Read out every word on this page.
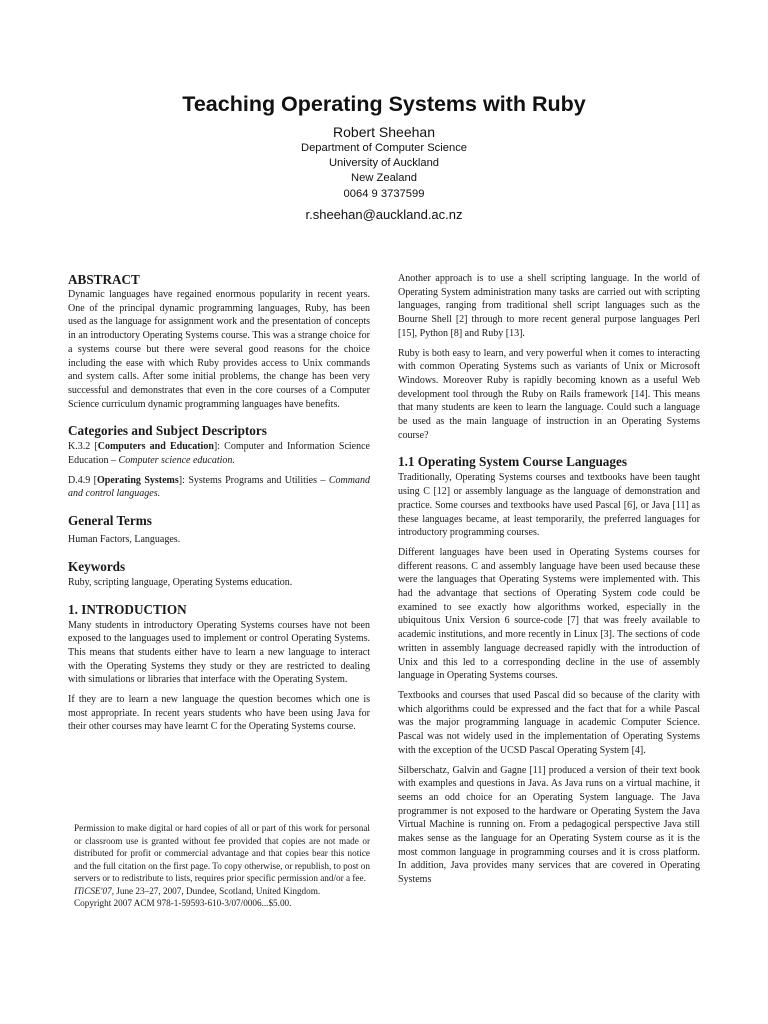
Teaching Operating Systems with Ruby
Robert Sheehan
Department of Computer Science
University of Auckland
New Zealand
0064 9 3737599
r.sheehan@auckland.ac.nz
ABSTRACT

Dynamic languages have regained enormous popularity in recent years. One of the principal dynamic programming languages, Ruby, has been used as the language for assignment work and the presentation of concepts in an introductory Operating Systems course. This was a strange choice for a systems course but there were several good reasons for the choice including the ease with which Ruby provides access to Unix commands and system calls. After some initial problems, the change has been very successful and demonstrates that even in the core courses of a Computer Science curriculum dynamic programming languages have benefits.

Categories and Subject Descriptors

K.3.2 [Computers and Education]: Computer and Information Science Education – Computer science education.

D.4.9 [Operating Systems]: Systems Programs and Utilities – Command and control languages.

General Terms

Human Factors, Languages.

Keywords

Ruby, scripting language, Operating Systems education.

1. INTRODUCTION

Many students in introductory Operating Systems courses have not been exposed to the languages used to implement or control Operating Systems. This means that students either have to learn a new language to interact with the Operating Systems they study or they are restricted to dealing with simulations or libraries that interface with the Operating System.

If they are to learn a new language the question becomes which one is most appropriate. In recent years students who have been using Java for their other courses may have learnt C for the Operating Systems course.

Permission to make digital or hard copies of all or part of this work for personal or classroom use is granted without fee provided that copies are not made or distributed for profit or commercial advantage and that copies bear this notice and the full citation on the first page. To copy otherwise, or republish, to post on servers or to redistribute to lists, requires prior specific permission and/or a fee.

ITiCSE'07, June 23–27, 2007, Dundee, Scotland, United Kingdom.

Copyright 2007 ACM 978-1-59593-610-3/07/0006...$5.00.

Another approach is to use a shell scripting language. In the world of Operating System administration many tasks are carried out with scripting languages, ranging from traditional shell script languages such as the Bourne Shell [2] through to more recent general purpose languages Perl [15], Python [8] and Ruby [13].

Ruby is both easy to learn, and very powerful when it comes to interacting with common Operating Systems such as variants of Unix or Microsoft Windows. Moreover Ruby is rapidly becoming known as a useful Web development tool through the Ruby on Rails framework [14]. This means that many students are keen to learn the language. Could such a language be used as the main language of instruction in an Operating Systems course?

1.1 Operating System Course Languages

Traditionally, Operating Systems courses and textbooks have been taught using C [12] or assembly language as the language of demonstration and practice. Some courses and textbooks have used Pascal [6], or Java [11] as these languages became, at least temporarily, the preferred languages for introductory programming courses.

Different languages have been used in Operating Systems courses for different reasons. C and assembly language have been used because these were the languages that Operating Systems were implemented with. This had the advantage that sections of Operating System code could be examined to see exactly how algorithms worked, especially in the ubiquitous Unix Version 6 source-code [7] that was freely available to academic institutions, and more recently in Linux [3]. The sections of code written in assembly language decreased rapidly with the introduction of Unix and this led to a corresponding decline in the use of assembly language in Operating Systems courses.

Textbooks and courses that used Pascal did so because of the clarity with which algorithms could be expressed and the fact that for a while Pascal was the major programming language in academic Computer Science. Pascal was not widely used in the implementation of Operating Systems with the exception of the UCSD Pascal Operating System [4].

Silberschatz, Galvin and Gagne [11] produced a version of their text book with examples and questions in Java. As Java runs on a virtual machine, it seems an odd choice for an Operating System language. The Java programmer is not exposed to the hardware or Operating System the Java Virtual Machine is running on. From a pedagogical perspective Java still makes sense as the language for an Operating System course as it is the most common language in programming courses and it is cross platform. In addition, Java provides many services that are covered in Operating Systems
